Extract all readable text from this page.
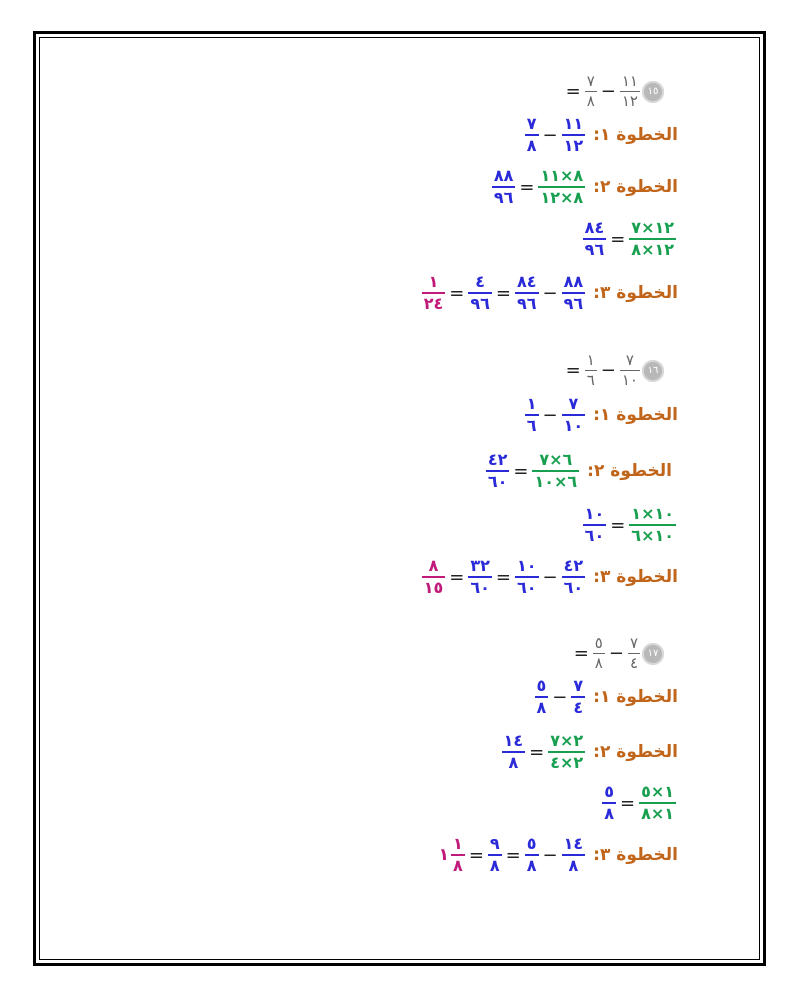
١٥
$\frac{١١}{١٢}$
−
$\frac{٧}{٨}$
=
الخطوة ١:
$\frac{١١}{١٢}$
−
$\frac{٧}{٨}$
الخطوة ٢:
$\frac{٨\times ١١}{٨\times ١٢}$
=
$\frac{٨٨}{٩٦}$
$\frac{١٢\times ٧}{١٢\times ٨}$
=
$\frac{٨٤}{٩٦}$
الخطوة ٣:
$\frac{٨٨}{٩٦}$
−
$\frac{٨٤}{٩٦}$
=
$\frac{٤}{٩٦}$
=
$\frac{١}{٢٤}$
١٦
$\frac{٧}{١٠}$
−
$\frac{١}{٦}$
=
الخطوة ١:
$\frac{٧}{١٠}$
−
$\frac{١}{٦}$
الخطوة ٢:
$\frac{٦\times ٧}{٦\times ١٠}$
=
$\frac{٤٢}{٦٠}$
$\frac{١٠\times ١}{١٠\times ٦}$
=
$\frac{١٠}{٦٠}$
الخطوة ٣:
$\frac{٤٢}{٦٠}$
−
$\frac{١٠}{٦٠}$
=
$\frac{٣٢}{٦٠}$
=
$\frac{٨}{١٥}$
١٧
$\frac{٧}{٤}$
−
$\frac{٥}{٨}$
=
الخطوة ١:
$\frac{٧}{٤}$
−
$\frac{٥}{٨}$
الخطوة ٢:
$\frac{٢\times ٧}{٢\times ٤}$
=
$\frac{١٤}{٨}$
$\frac{١\times ٥}{١\times ٨}$
=
$\frac{٥}{٨}$
الخطوة ٣:
$\frac{١٤}{٨}$
−
$\frac{٥}{٨}$
=
$\frac{٩}{٨}$
=
$\frac{١}{٨}$
١
